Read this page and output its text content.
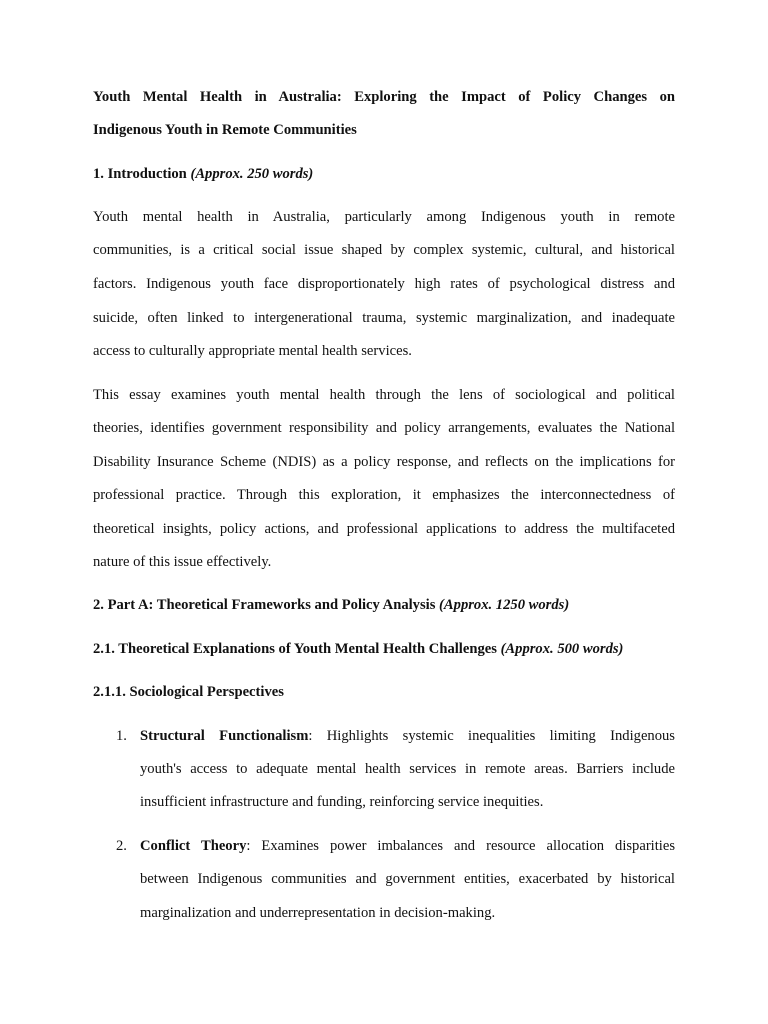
Youth Mental Health in Australia: Exploring the Impact of Policy Changes on
Indigenous Youth in Remote Communities
1. Introduction (Approx. 250 words)
Youth mental health in Australia, particularly among Indigenous youth in remote
communities, is a critical social issue shaped by complex systemic, cultural, and historical
factors. Indigenous youth face disproportionately high rates of psychological distress and
suicide, often linked to intergenerational trauma, systemic marginalization, and inadequate
access to culturally appropriate mental health services.
This essay examines youth mental health through the lens of sociological and political
theories, identifies government responsibility and policy arrangements, evaluates the National
Disability Insurance Scheme (NDIS) as a policy response, and reflects on the implications for
professional practice. Through this exploration, it emphasizes the interconnectedness of
theoretical insights, policy actions, and professional applications to address the multifaceted
nature of this issue effectively.
2. Part A: Theoretical Frameworks and Policy Analysis (Approx. 1250 words)
2.1. Theoretical Explanations of Youth Mental Health Challenges (Approx. 500 words)
2.1.1. Sociological Perspectives
1. Structural Functionalism: Highlights systemic inequalities limiting Indigenous
youth's access to adequate mental health services in remote areas. Barriers include
insufficient infrastructure and funding, reinforcing service inequities.
2. Conflict Theory: Examines power imbalances and resource allocation disparities
between Indigenous communities and government entities, exacerbated by historical
marginalization and underrepresentation in decision-making.
